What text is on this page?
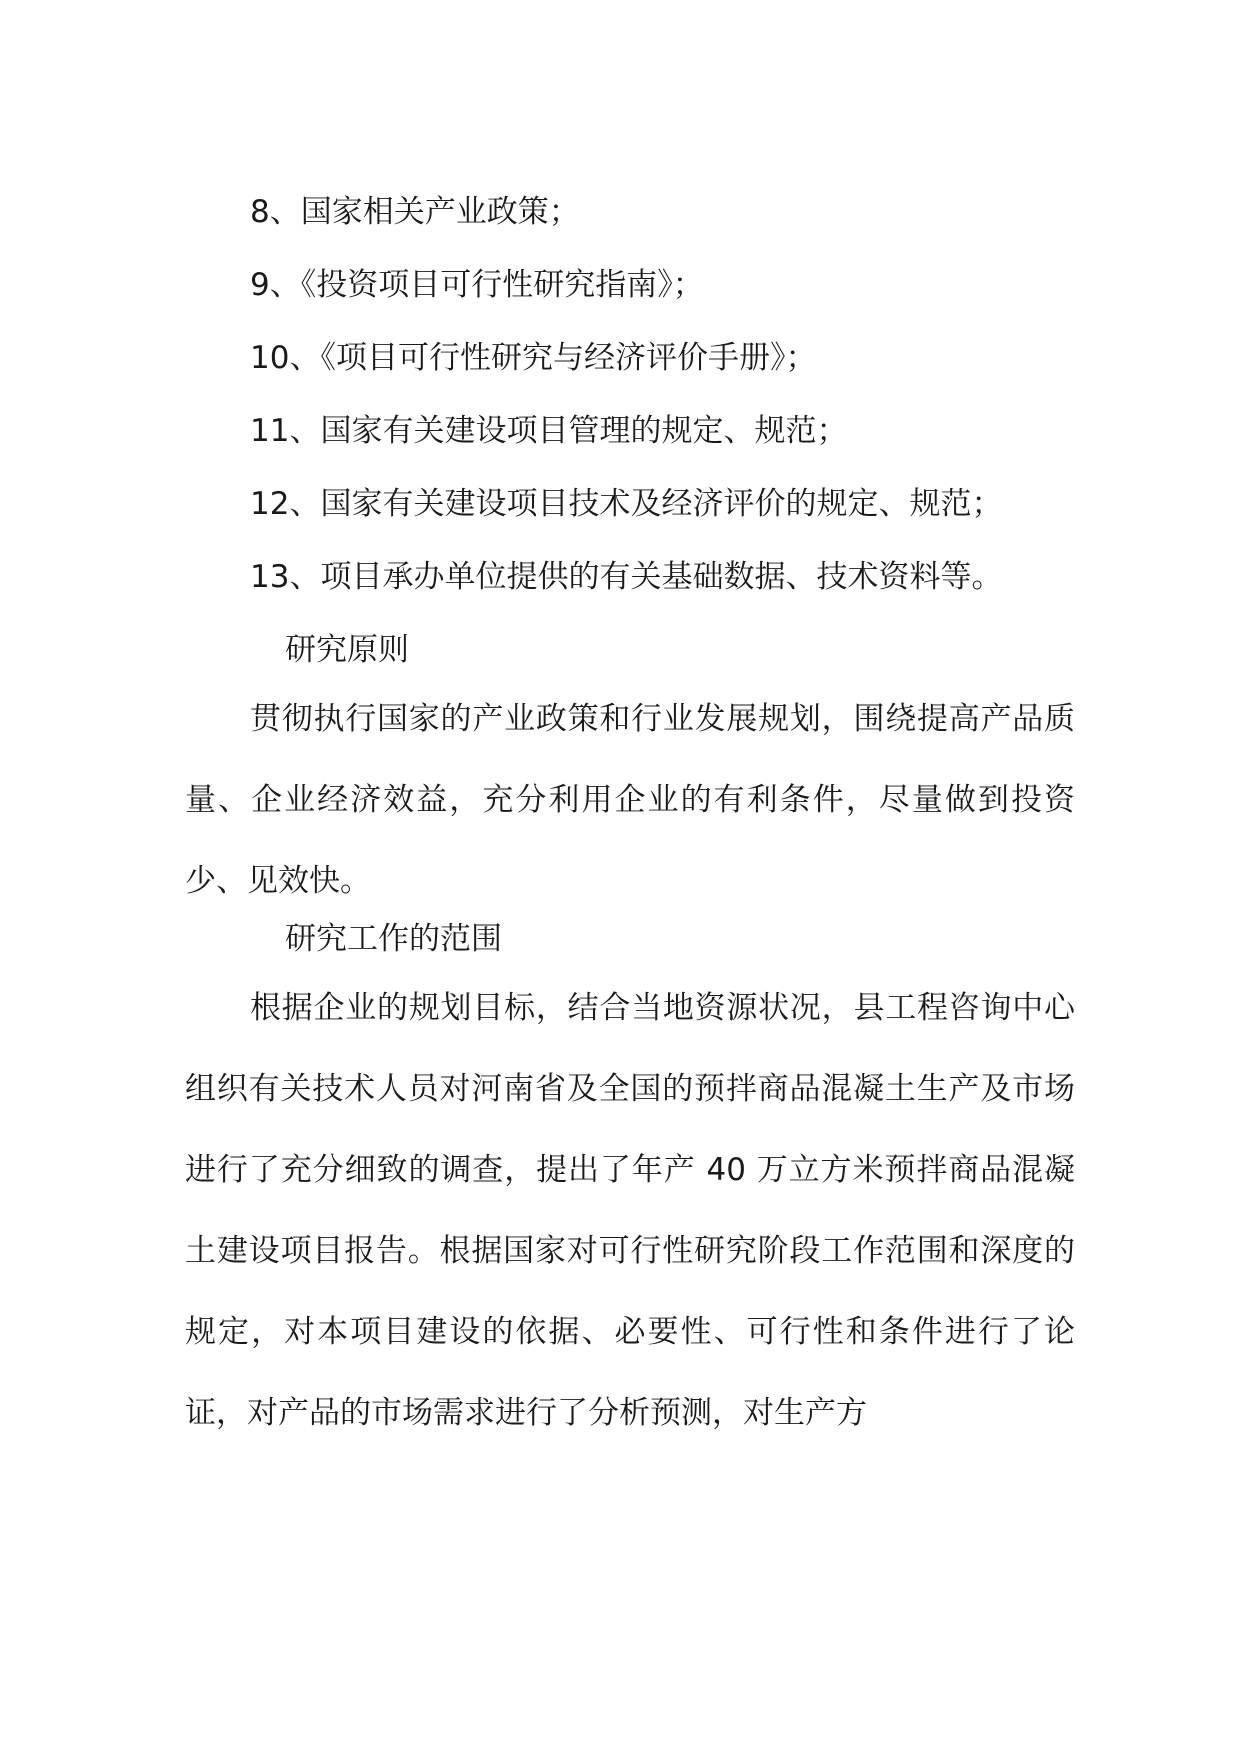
8、国家相关产业政策；
9、《投资项目可行性研究指南》；
10、《项目可行性研究与经济评价手册》；
11、国家有关建设项目管理的规定、规范；
12、国家有关建设项目技术及经济评价的规定、规范；
13、项目承办单位提供的有关基础数据、技术资料等。
研究原则
贯彻执行国家的产业政策和行业发展规划，围绕提高产品质量、企业经济效益，充分利用企业的有利条件，尽量做到投资少、见效快。
研究工作的范围
根据企业的规划目标，结合当地资源状况，县工程咨询中心组织有关技术人员对河南省及全国的预拌商品混凝土生产及市场进行了充分细致的调查，提出了年产 40 万立方米预拌商品混凝土建设项目报告。根据国家对可行性研究阶段工作范围和深度的规定，对本项目建设的依据、必要性、可行性和条件进行了论证，对产品的市场需求进行了分析预测，对生产方
